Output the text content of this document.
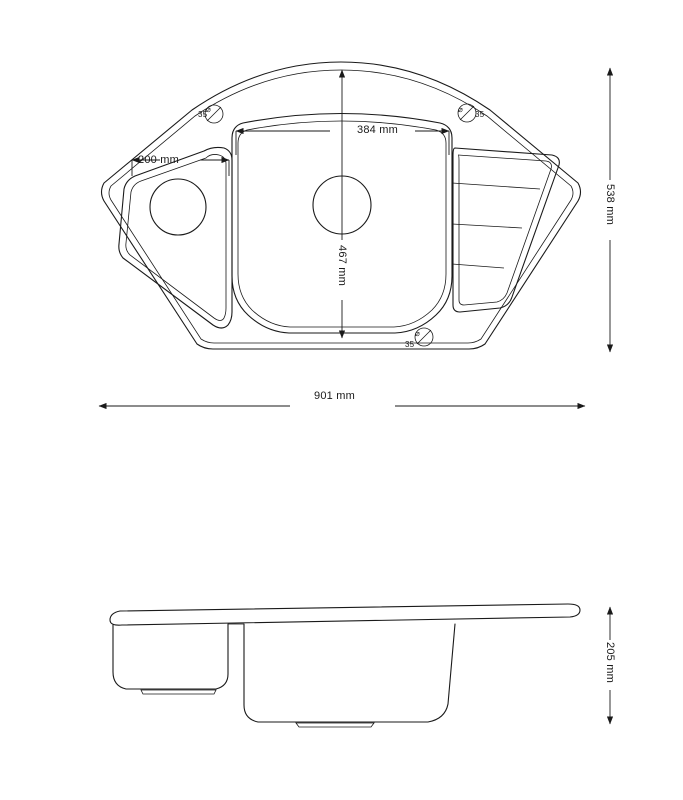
384 mm
467 mm
200 mm
538 mm
901 mm
205 mm
35	35
35
⌀	⌀
⌀
